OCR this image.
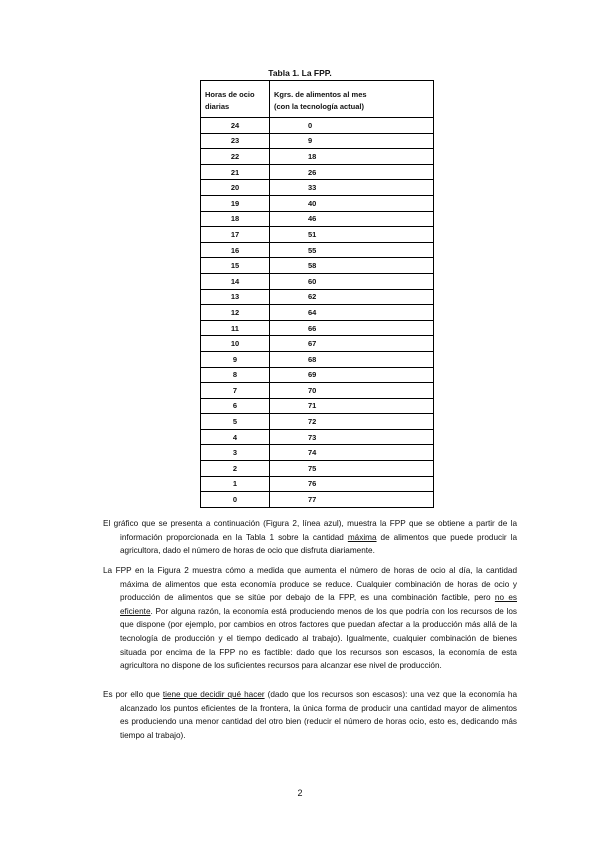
Tabla 1. La FPP.
Horas de ocio diarias	Kgrs. de alimentos al mes
(con la tecnología actual)
24	0
23	9
22	18
21	26
20	33
19	40
18	46
17	51
16	55
15	58
14	60
13	62
12	64
11	66
10	67
9	68
8	69
7	70
6	71
5	72
4	73
3	74
2	75
1	76
0	77
El gráfico que se presenta a continuación (Figura 2, línea azul), muestra la FPP que se obtiene a partir de la información proporcionada en la Tabla 1 sobre la cantidad máxima de alimentos que puede producir la agricultora, dado el número de horas de ocio que disfruta diariamente.
La FPP en la Figura 2 muestra cómo a medida que aumenta el número de horas de ocio al día, la cantidad máxima de alimentos que esta economía produce se reduce. Cualquier combinación de horas de ocio y producción de alimentos que se sitúe por debajo de la FPP, es una combinación factible, pero no es eficiente. Por alguna razón, la economía está produciendo menos de los que podría con los recursos de los que dispone (por ejemplo, por cambios en otros factores que puedan afectar a la producción más allá de la tecnología de producción y el tiempo dedicado al trabajo). Igualmente, cualquier combinación de bienes situada por encima de la FPP no es factible: dado que los recursos son escasos, la economía de esta agricultora no dispone de los suficientes recursos para alcanzar ese nivel de producción.
Es por ello que tiene que decidir qué hacer (dado que los recursos son escasos): una vez que la economía ha alcanzado los puntos eficientes de la frontera, la única forma de producir una cantidad mayor de alimentos es produciendo una menor cantidad del otro bien (reducir el número de horas ocio, esto es, dedicando más tiempo al trabajo).
2
